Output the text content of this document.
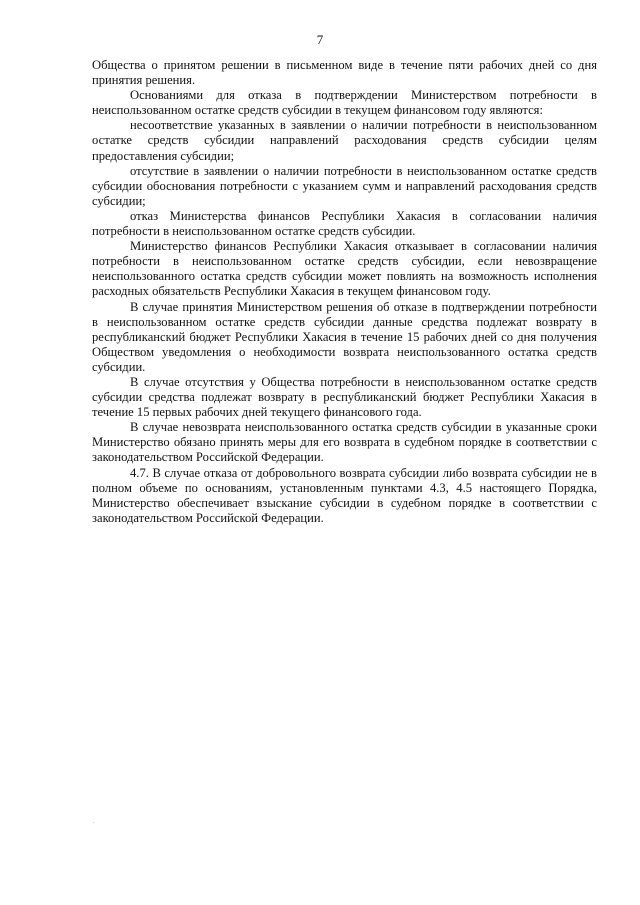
7

Общества о принятом решении в письменном виде в течение пяти рабочих дней со дня принятия решения.

Основаниями для отказа в подтверждении Министерством потребности в неиспользованном остатке средств субсидии в текущем финансовом году являются:

несоответствие указанных в заявлении о наличии потребности в неиспользованном остатке средств субсидии направлений расходования средств субсидии целям предоставления субсидии;

отсутствие в заявлении о наличии потребности в неиспользованном остатке средств субсидии обоснования потребности с указанием сумм и направлений расходования средств субсидии;

отказ Министерства финансов Республики Хакасия в согласовании наличия потребности в неиспользованном остатке средств субсидии.

Министерство финансов Республики Хакасия отказывает в согласовании наличия потребности в неиспользованном остатке средств субсидии, если невозвращение неиспользованного остатка средств субсидии может повлиять на возможность исполнения расходных обязательств Республики Хакасия в текущем финансовом году.

В случае принятия Министерством решения об отказе в подтверждении потребности в неиспользованном остатке средств субсидии данные средства подлежат возврату в республиканский бюджет Республики Хакасия в течение 15 рабочих дней со дня получения Обществом уведомления о необходимости возврата неиспользованного остатка средств субсидии.

В случае отсутствия у Общества потребности в неиспользованном остатке средств субсидии средства подлежат возврату в республиканский бюджет Республики Хакасия в течение 15 первых рабочих дней текущего финансового года.

В случае невозврата неиспользованного остатка средств субсидии в указанные сроки Министерство обязано принять меры для его возврата в судебном порядке в соответствии с законодательством Российской Федерации.

4.7. В случае отказа от добровольного возврата субсидии либо возврата субсидии не в полном объеме по основаниям, установленным пунктами 4.3, 4.5 настоящего Порядка, Министерство обеспечивает взыскание субсидии в судебном порядке в соответствии с законодательством Российской Федерации.
